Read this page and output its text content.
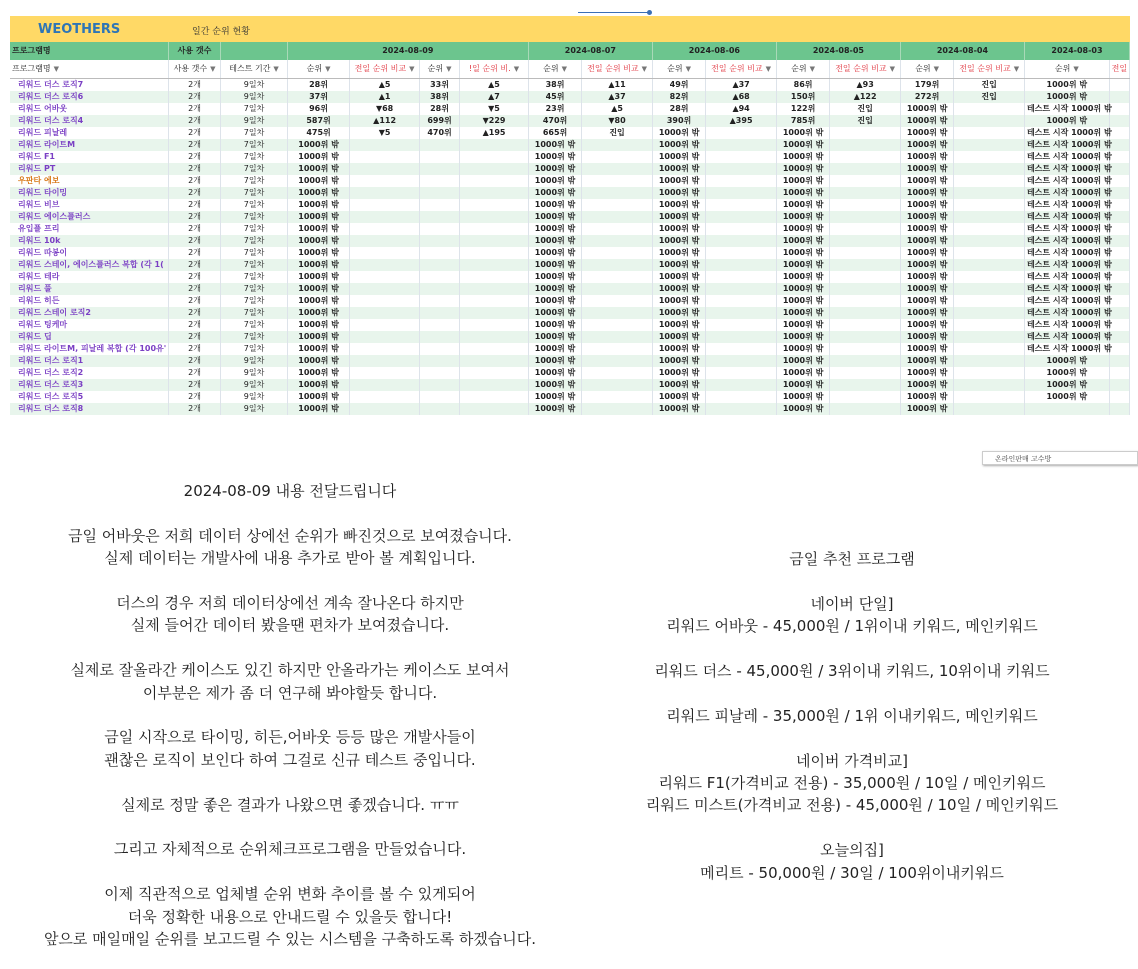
WEOTHERS	일간 순위 현황
프로그램명	사용 갯수		2024-08-09				2024-08-07		2024-08-06		2024-08-05		2024-08-04		2024-08-03	
프로그램명 ▼	사용 갯수 ▼	테스트 기간 ▼	순위 ▼	전일 순위 비교 ▼	순위 ▼	!일 순위 비. ▼	순위 ▼	전일 순위 비교 ▼	순위 ▼	전일 순위 비교 ▼	순위 ▼	전일 순위 비교 ▼	순위 ▼	전일 순위 비교 ▼	순위 ▼	전일
리워드 더스 로직7	2개	9일차	28위	▲5	33위	▲5	38위	▲11	49위	▲37	86위	▲93	179위	진입	1000위 밖	
리워드 더스 로직6	2개	9일차	37위	▲1	38위	▲7	45위	▲37	82위	▲68	150위	▲122	272위	진입	1000위 밖	
리워드 어바웃	2개	7일차	96위	▼68	28위	▼5	23위	▲5	28위	▲94	122위	진입	1000위 밖		테스트 시작 1000위 밖	
리워드 더스 로직4	2개	9일차	587위	▲112	699위	▼229	470위	▼80	390위	▲395	785위	진입	1000위 밖		1000위 밖	
리워드 피날레	2개	7일차	475위	▼5	470위	▲195	665위	진입	1000위 밖		1000위 밖		1000위 밖		테스트 시작 1000위 밖	
리워드 라이트M	2개	7일차	1000위 밖				1000위 밖		1000위 밖		1000위 밖		1000위 밖		테스트 시작 1000위 밖	
리워드 F1	2개	7일차	1000위 밖				1000위 밖		1000위 밖		1000위 밖		1000위 밖		테스트 시작 1000위 밖	
리워드 PT	2개	7일차	1000위 밖				1000위 밖		1000위 밖		1000위 밖		1000위 밖		테스트 시작 1000위 밖	
우판타 에보	2개	7일차	1000위 밖				1000위 밖		1000위 밖		1000위 밖		1000위 밖		테스트 시작 1000위 밖	
리워드 타이밍	2개	7일차	1000위 밖				1000위 밖		1000위 밖		1000위 밖		1000위 밖		테스트 시작 1000위 밖	
리워드 비브	2개	7일차	1000위 밖				1000위 밖		1000위 밖		1000위 밖		1000위 밖		테스트 시작 1000위 밖	
리워드 에이스플러스	2개	7일차	1000위 밖				1000위 밖		1000위 밖		1000위 밖		1000위 밖		테스트 시작 1000위 밖	
유입플 프리	2개	7일차	1000위 밖				1000위 밖		1000위 밖		1000위 밖		1000위 밖		테스트 시작 1000위 밖	
리워드 10k	2개	7일차	1000위 밖				1000위 밖		1000위 밖		1000위 밖		1000위 밖		테스트 시작 1000위 밖	
리워드 따봉이	2개	7일차	1000위 밖				1000위 밖		1000위 밖		1000위 밖		1000위 밖		테스트 시작 1000위 밖	
리워드 스테이, 에이스플러스 복합 (각 1(	2개	7일차	1000위 밖				1000위 밖		1000위 밖		1000위 밖		1000위 밖		테스트 시작 1000위 밖	
리워드 테라	2개	7일차	1000위 밖				1000위 밖		1000위 밖		1000위 밖		1000위 밖		테스트 시작 1000위 밖	
리워드 풀	2개	7일차	1000위 밖				1000위 밖		1000위 밖		1000위 밖		1000위 밖		테스트 시작 1000위 밖	
리워드 히든	2개	7일차	1000위 밖				1000위 밖		1000위 밖		1000위 밖		1000위 밖		테스트 시작 1000위 밖	
리워드 스테이 로직2	2개	7일차	1000위 밖				1000위 밖		1000위 밖		1000위 밖		1000위 밖		테스트 시작 1000위 밖	
리워드 팅케마	2개	7일차	1000위 밖				1000위 밖		1000위 밖		1000위 밖		1000위 밖		테스트 시작 1000위 밖	
리워드 딥	2개	7일차	1000위 밖				1000위 밖		1000위 밖		1000위 밖		1000위 밖		테스트 시작 1000위 밖	
리워드 라이트M, 피날레 복합 (각 100유'	2개	7일차	1000위 밖				1000위 밖		1000위 밖		1000위 밖		1000위 밖		테스트 시작 1000위 밖	
리워드 더스 로직1	2개	9일차	1000위 밖				1000위 밖		1000위 밖		1000위 밖		1000위 밖		1000위 밖	
리워드 더스 로직2	2개	9일차	1000위 밖				1000위 밖		1000위 밖		1000위 밖		1000위 밖		1000위 밖	
리워드 더스 로직3	2개	9일차	1000위 밖				1000위 밖		1000위 밖		1000위 밖		1000위 밖		1000위 밖	
리워드 더스 로직5	2개	9일차	1000위 밖				1000위 밖		1000위 밖		1000위 밖		1000위 밖		1000위 밖	
리워드 더스 로직8	2개	9일차	1000위 밖				1000위 밖		1000위 밖		1000위 밖		1000위 밖			
온라인판매 고수방

2024-08-09 내용 전달드립니다

금일 어바웃은 저희 데이터 상에선 순위가 빠진것으로 보여졌습니다.

실제 데이터는 개발사에 내용 추가로 받아 볼 계획입니다.

더스의 경우 저희 데이터상에선 계속 잘나온다 하지만

실제 들어간 데이터 봤을땐 편차가 보여졌습니다.

실제로 잘올라간 케이스도 있긴 하지만 안올라가는 케이스도 보여서

이부분은 제가 좀 더 연구해 봐야할듯 합니다.

금일 시작으로 타이밍, 히든,어바웃 등등 많은 개발사들이

괜찮은 로직이 보인다 하여 그걸로 신규 테스트 중입니다.

실제로 정말 좋은 결과가 나왔으면 좋겠습니다. ㅠㅠ

그리고 자체적으로 순위체크프로그램을 만들었습니다.

이제 직관적으로 업체별 순위 변화 추이를 볼 수 있게되어

더욱 정확한 내용으로 안내드릴 수 있을듯 합니다!

앞으로 매일매일 순위를 보고드릴 수 있는 시스템을 구축하도록 하겠습니다.

금일 추천 프로그램

네이버 단일]

리워드 어바웃 - 45,000원 / 1위이내 키워드, 메인키워드

리워드 더스 - 45,000원 / 3위이내 키워드, 10위이내 키워드

리워드 피날레 - 35,000원 / 1위 이내키워드, 메인키워드

네이버 가격비교]

리워드 F1(가격비교 전용) - 35,000원 / 10일 / 메인키워드

리워드 미스트(가격비교 전용) - 45,000원 / 10일 / 메인키워드

오늘의집]

메리트 - 50,000원 / 30일 / 100위이내키워드
